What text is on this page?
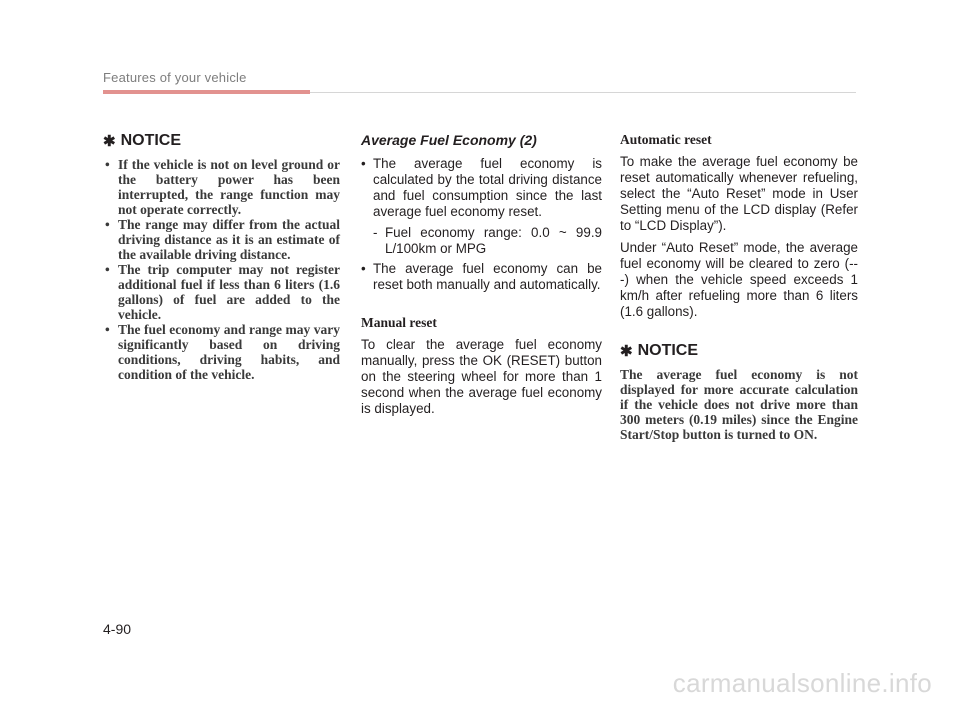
Features of your vehicle
✱ NOTICE
• If the vehicle is not on level ground or the battery power has been interrupted, the range function may not operate correctly.
• The range may differ from the actual driving distance as it is an estimate of the available driving distance.
• The trip computer may not register additional fuel if less than 6 liters (1.6 gallons) of fuel are added to the vehicle.
• The fuel economy and range may vary significantly based on driving conditions, driving habits, and condition of the vehicle.
Average Fuel Economy (2)
• The average fuel economy is calculated by the total driving distance and fuel consumption since the last average fuel economy reset.
- Fuel economy range: 0.0 ~ 99.9 L/100km or MPG
• The average fuel economy can be reset both manually and automatically.
Manual reset

To clear the average fuel economy manually, press the OK (RESET) button on the steering wheel for more than 1 second when the average fuel economy is displayed.

Automatic reset

To make the average fuel economy be reset automatically whenever refueling, select the “Auto Reset” mode in User Setting menu of the LCD display (Refer to “LCD Display”).

Under “Auto Reset” mode, the average fuel economy will be cleared to zero (---) when the vehicle speed exceeds 1 km/h after refueling more than 6 liters (1.6 gallons).

✱ NOTICE
The average fuel economy is not displayed for more accurate calculation if the vehicle does not drive more than 300 meters (0.19 miles) since the Engine Start/Stop button is turned to ON.
4-90
carmanualsonline.info
